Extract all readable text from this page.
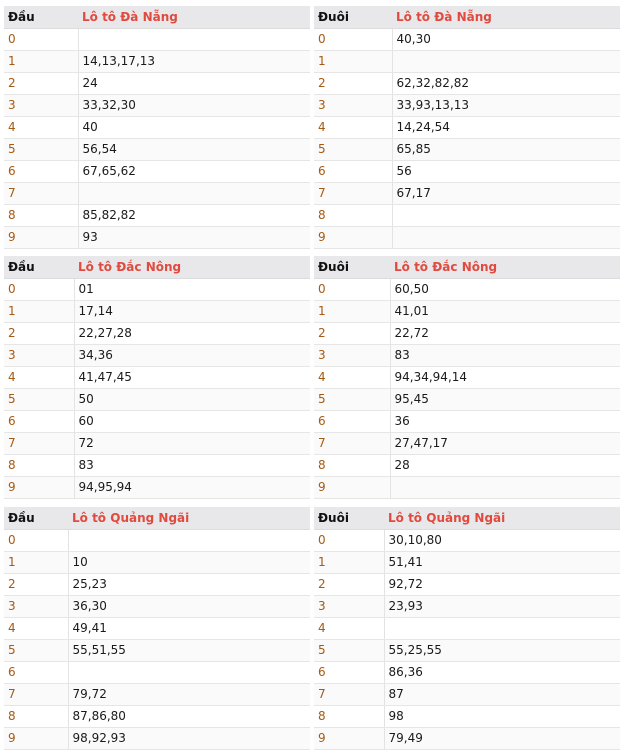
Đầu	Lô tô Đà Nẵng
0	
1	14,13,17,13
2	24
3	33,32,30
4	40
5	56,54
6	67,65,62
7	
8	85,82,82
9	93
Đuôi	Lô tô Đà Nẵng
0	40,30
1	
2	62,32,82,82
3	33,93,13,13
4	14,24,54
5	65,85
6	56
7	67,17
8	
9	
Đầu	Lô tô Đắc Nông
0	01
1	17,14
2	22,27,28
3	34,36
4	41,47,45
5	50
6	60
7	72
8	83
9	94,95,94
Đuôi	Lô tô Đắc Nông
0	60,50
1	41,01
2	22,72
3	83
4	94,34,94,14
5	95,45
6	36
7	27,47,17
8	28
9	
Đầu	Lô tô Quảng Ngãi
0	
1	10
2	25,23
3	36,30
4	49,41
5	55,51,55
6	
7	79,72
8	87,86,80
9	98,92,93
Đuôi	Lô tô Quảng Ngãi
0	30,10,80
1	51,41
2	92,72
3	23,93
4	
5	55,25,55
6	86,36
7	87
8	98
9	79,49
